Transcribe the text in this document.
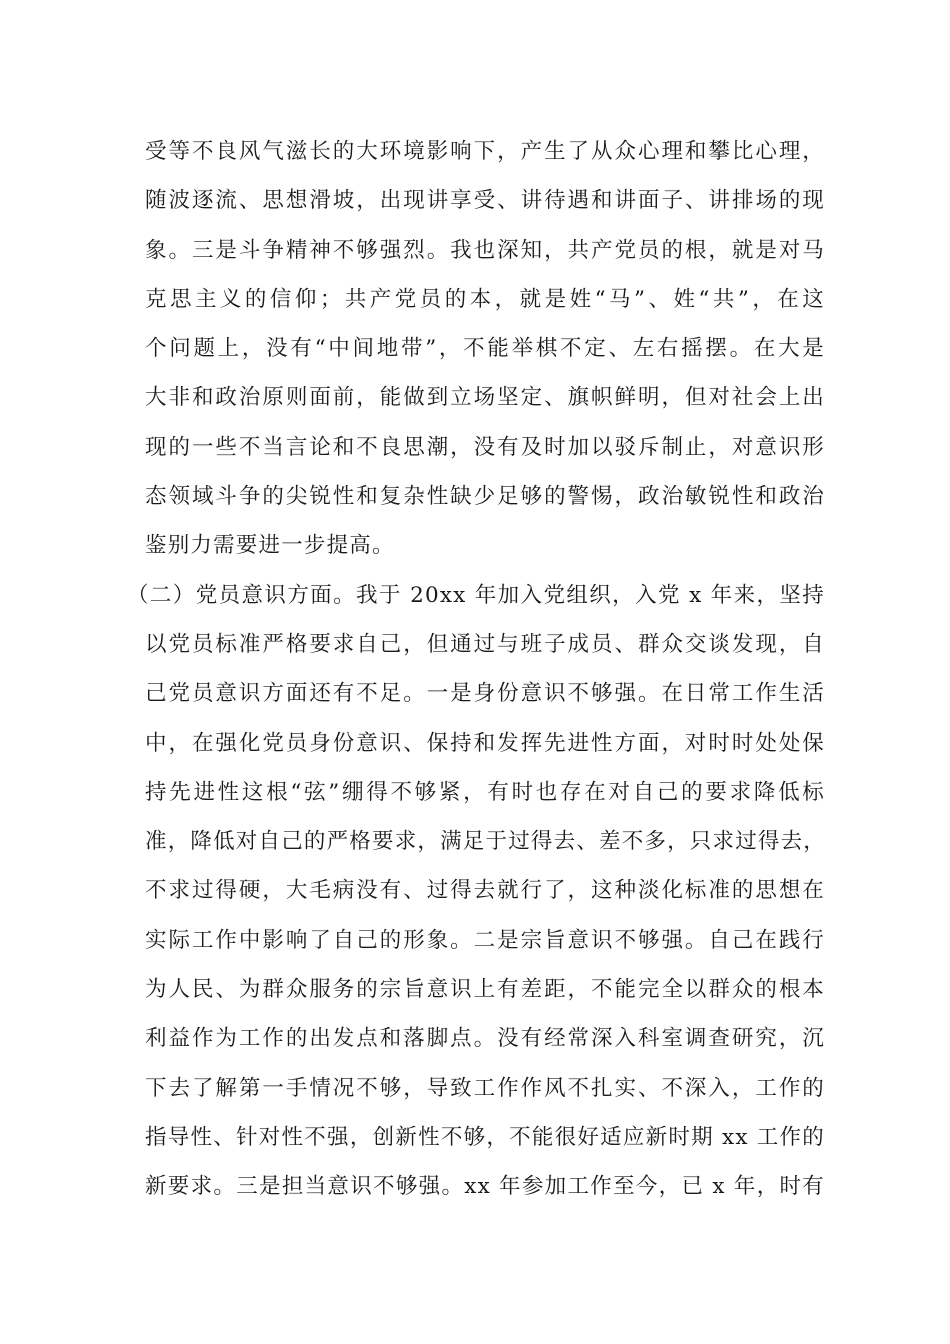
受等不良风气滋长的大环境影响下，产生了从众心理和攀比心理，
随波逐流、思想滑坡，出现讲享受、讲待遇和讲面子、讲排场的现
象。三是斗争精神不够强烈。我也深知，共产党员的根，就是对马
克思主义的信仰；共产党员的本，就是姓“马”、姓“共”，在这
个问题上，没有“中间地带”，不能举棋不定、左右摇摆。在大是
大非和政治原则面前，能做到立场坚定、旗帜鲜明，但对社会上出
现的一些不当言论和不良思潮，没有及时加以驳斥制止，对意识形
态领域斗争的尖锐性和复杂性缺少足够的警惕，政治敏锐性和政治
鉴别力需要进一步提高。
（二）党员意识方面。我于 20xx 年加入党组织，入党 x 年来，坚持
以党员标准严格要求自己，但通过与班子成员、群众交谈发现，自
己党员意识方面还有不足。一是身份意识不够强。在日常工作生活
中，在强化党员身份意识、保持和发挥先进性方面，对时时处处保
持先进性这根“弦”绷得不够紧，有时也存在对自己的要求降低标
准，降低对自己的严格要求，满足于过得去、差不多，只求过得去，
不求过得硬，大毛病没有、过得去就行了，这种淡化标准的思想在
实际工作中影响了自己的形象。二是宗旨意识不够强。自己在践行
为人民、为群众服务的宗旨意识上有差距，不能完全以群众的根本
利益作为工作的出发点和落脚点。没有经常深入科室调查研究，沉
下去了解第一手情况不够，导致工作作风不扎实、不深入，工作的
指导性、针对性不强，创新性不够，不能很好适应新时期 xx 工作的
新要求。三是担当意识不够强。xx 年参加工作至今，已 x 年，时有
